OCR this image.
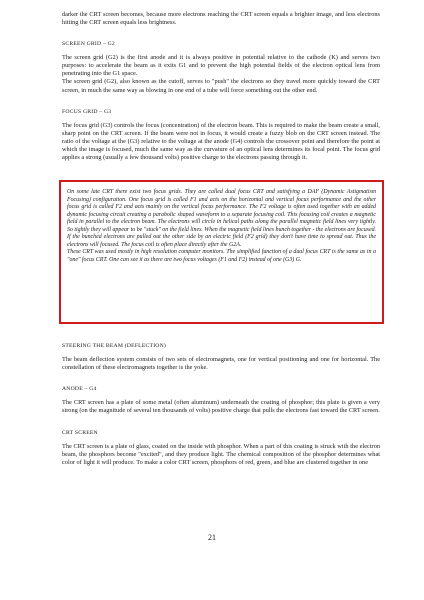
darker the CRT screen becomes, because more electrons reaching the CRT screen equals a brighter image, and less electrons hitting the CRT screen equals less brightness.

SCREEN GRID – G2

The screen grid (G2) is the first anode and it is always positive in potential relative to the cathode (K) and serves two purposes: to accelerate the beam as it exits G1 and to prevent the high potential fields of the electron optical lens from penetrating into the G1 space.

The screen grid (G2), also known as the cutoff, serves to "push" the electrons so they travel more quickly toward the CRT screen, in much the same way as blowing in one end of a tube will force something out the other end.

FOCUS GRID – G3

The focus grid (G3) controls the focus (concentration) of the electron beam. This is required to make the beam create a small, sharp point on the CRT screen. If the beam were not in focus, it would create a fuzzy blob on the CRT screen instead. The ratio of the voltage at the (G3) relative to the voltage at the anode (G4) controls the crossover point and therefore the point at which the image is focused, much the same way as the curvature of an optical lens determines its focal point. The focus grid applies a strong (usually a few thousand volts) positive charge to the electrons passing through it.

On some late CRT there exist two focus grids. They are called dual focus CRT and satisfying a DAF (Dynamic Astigmatism Focusing) configuration. One focus grid is called F1 and acts on the horizontal and vertical focus performance and the other focus grid is called F2 and acts mainly on the vertical focus performance. The F2 voltage is often used together with an added dynamic focusing circuit creating a parabolic shaped waveform to a separate focusing coil. This focusing coil creates a magnetic field in parallel to the electron beam. The electrons will circle in helical paths along the parallel magnetic field lines very tightly. So tightly they will appear to be "stuck" on the field lines. When the magnetic field lines bunch together - the electrons are focused. If the bunched electrons are pulled out the other side by an electric field (F2 grid) they don't have time to spread out. Thus the electrons will focused. The focus coil is often place directly after the G2A.

These CRT was used mostly in high resolution computer monitors. The simplified function of a dual focus CRT is the same as in a "one" focus CRT. One can see it as there are two focus voltages (F1 and F2) instead of one (G3) G.

STEERING THE BEAM (DEFLECTION)

The beam deflection system consists of two sets of electromagnets, one for vertical positioning and one for horizontal. The constellation of these electromagnets together is the yoke.

ANODE – G4

The CRT screen has a plate of some metal (often aluminum) underneath the coating of phosphor; this plate is given a very strong (on the magnitude of several ten thousands of volts) positive charge that pulls the electrons fast toward the CRT screen.

CRT SCREEN

The CRT screen is a plate of glass, coated on the inside with phosphor. When a part of this coating is struck with the electron beam, the phosphors become "excited", and they produce light. The chemical composition of the phosphor determines what color of light it will produce. To make a color CRT screen, phosphors of red, green, and blue are clustered together in one

21
